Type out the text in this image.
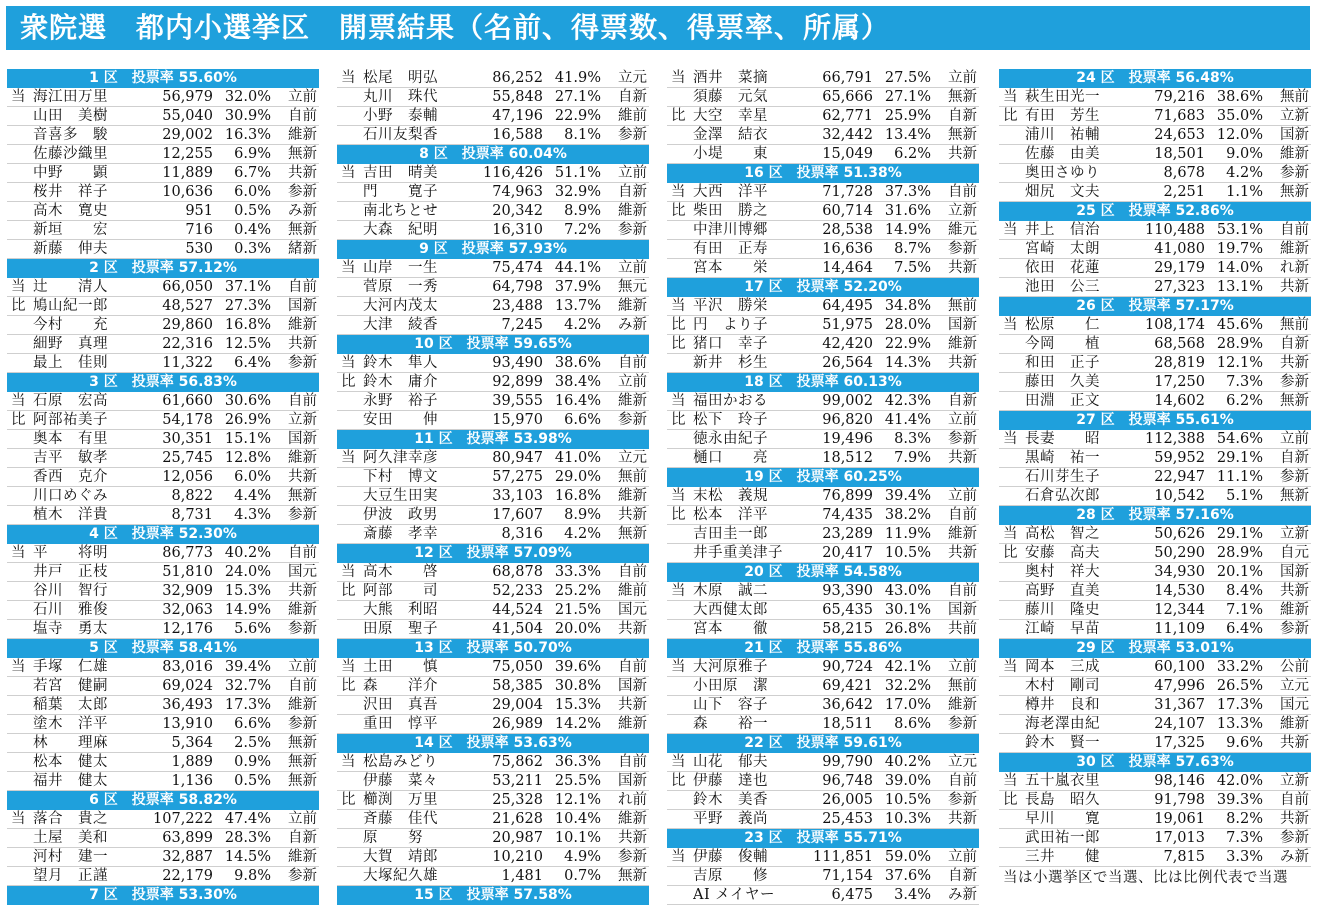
衆院選　都内小選挙区　開票結果（名前、得票数、得票率、所属）
1 区　投票率 55.60%
当 海江田万里	56,979 32.0%	立前
山田　美樹	55,040 30.9%	自前
音喜多　駿	29,002 16.3%	維新
佐藤沙織里	12,255	6.9%	無新
中野　　顕	11,889	6.7%	共新
桜井　祥子	10,636	6.0%	参新
高木　寛史	951	0.5%	み新
新垣　　宏	716	0.4%	無新
新藤　伸夫	530	0.3%	緒新
2 区　投票率 57.12%
当 辻　　清人	66,050 37.1%	自前
比 鳩山紀一郎	48,527 27.3%	国新
今村　　充	29,860 16.8%	維新
細野　真理	22,316 12.5%	共新
最上　佳則	11,322	6.4%	参新
3 区　投票率 56.83%
当 石原　宏高	61,660 30.6%	自前
比 阿部祐美子	54,178 26.9%	立新
奥本　有里	30,351 15.1%	国新
吉平　敏孝	25,745 12.8%	維新
香西　克介	12,056	6.0%	共新
川口めぐみ	8,822	4.4%	無新
植木　洋貴	8,731	4.3%	参新
4 区　投票率 52.30%
当 平　　将明	86,773 40.2%	自前
井戸　正枝	51,810 24.0%	国元
谷川　智行	32,909 15.3%	共新
石川　雅俊	32,063 14.9%	維新
塩寺　勇太	12,176	5.6%	参新
5 区　投票率 58.41%
当 手塚　仁雄	83,016 39.4%	立前
若宮　健嗣	69,024 32.7%	自前
稲葉　太郎	36,493 17.3%	維新
塗木　洋平	13,910	6.6%	参新
林　　理麻	5,364	2.5%	無新
松本　健太	1,889	0.9%	無新
福井　健太	1,136	0.5%	無新
6 区　投票率 58.82%
当 落合　貴之	107,222 47.4%	立前
土屋　美和	63,899 28.3%	自新
河村　建一	32,887 14.5%	維新
望月　正謹	22,179	9.8%	参新
7 区　投票率 53.30%
当 松尾　明弘	86,252 41.9%	立元
丸川　珠代	55,848 27.1%	自新
小野　泰輔	47,196 22.9%	維前
石川友梨香	16,588	8.1%	参新
8 区　投票率 60.04%
当 吉田　晴美	116,426 51.1%	立前
門　　寛子	74,963 32.9%	自新
南北ちとせ	20,342	8.9%	維新
大森　紀明	16,310	7.2%	参新
9 区　投票率 57.93%
当 山岸　一生	75,474 44.1%	立前
菅原　一秀	64,798 37.9%	無元
大河内茂太	23,488 13.7%	維新
大津　綾香	7,245	4.2%	み新
10 区　投票率 59.65%
当 鈴木　隼人	93,490 38.6%	自前
比 鈴木　庸介	92,899 38.4%	立前
永野　裕子	39,555 16.4%	維新
安田　　伸	15,970	6.6%	参新
11 区　投票率 53.98%
当 阿久津幸彦	80,947 41.0%	立元
下村　博文	57,275 29.0%	無前
大豆生田実	33,103 16.8%	維新
伊波　政男	17,607	8.9%	共新
斎藤　孝幸	8,316	4.2%	無新
12 区　投票率 57.09%
当 高木　　啓	68,878 33.3%	自前
比 阿部　　司	52,233 25.2%	維前
大熊　利昭	44,524 21.5%	国元
田原　聖子	41,504 20.0%	共新
13 区　投票率 50.70%
当 土田　　慎	75,050 39.6%	自前
比 森　　洋介	58,385 30.8%	国新
沢田　真吾	29,004 15.3%	共新
重田　惇平	26,989 14.2%	維新
14 区　投票率 53.63%
当 松島みどり	75,862 36.3%	自前
伊藤　菜々	53,211 25.5%	国新
比 櫛渕　万里	25,328 12.1%	れ前
斉藤　佳代	21,628 10.4%	維新
原　　努	20,987 10.1%	共新
大賀　靖郎	10,210	4.9%	参新
大塚紀久雄	1,481	0.7%	無新
15 区　投票率 57.58%
当 酒井　菜摘	66,791 27.5%	立前
須藤　元気	65,666 27.1%	無新
比 大空　幸星	62,771 25.9%	自新
金澤　結衣	32,442 13.4%	無新
小堤　　東	15,049	6.2%	共新
16 区　投票率 51.38%
当 大西　洋平	71,728 37.3%	自前
比 柴田　勝之	60,714 31.6%	立新
中津川博郷	28,538 14.9%	維元
有田　正寿	16,636	8.7%	参新
宮本　　栄	14,464	7.5%	共新
17 区　投票率 52.20%
当 平沢　勝栄	64,495 34.8%	無前
比 円　より子	51,975 28.0%	国新
比 猪口　幸子	42,420 22.9%	維新
新井　杉生	26,564 14.3%	共新
18 区　投票率 60.13%
当 福田かおる	99,002 42.3%	自新
比 松下　玲子	96,820 41.4%	立前
徳永由紀子	19,496	8.3%	参新
樋口　　亮	18,512	7.9%	共新
19 区　投票率 60.25%
当 末松　義規	76,899 39.4%	立前
比 松本　洋平	74,435 38.2%	自前
吉田圭一郎	23,289 11.9%	維新
井手重美津子	20,417 10.5%	共新
20 区　投票率 54.58%
当 木原　誠二	93,390 43.0%	自前
大西健太郎	65,435 30.1%	国新
宮本　　徹	58,215 26.8%	共前
21 区　投票率 55.86%
当 大河原雅子	90,724 42.1%	立前
小田原　潔	69,421 32.2%	無前
山下　容子	36,642 17.0%	維新
森　　裕一	18,511	8.6%	参新
22 区　投票率 59.61%
当 山花　郁夫	99,790 40.2%	立元
比 伊藤　達也	96,748 39.0%	自前
鈴木　美香	26,005 10.5%	参新
平野　義尚	25,453 10.3%	共新
23 区　投票率 55.71%
当 伊藤　俊輔	111,851 59.0%	立前
吉原　　修	71,154 37.6%	自新
AI メイヤー	6,475	3.4%	み新
24 区　投票率 56.48%
当 萩生田光一	79,216 38.6%	無前
比 有田　芳生	71,683 35.0%	立新
浦川　祐輔	24,653 12.0%	国新
佐藤　由美	18,501	9.0%	維新
奥田さゆり	8,678	4.2%	参新
畑尻　文夫	2,251	1.1%	無新
25 区　投票率 52.86%
当 井上　信治	110,488 53.1%	自前
宮崎　太朗	41,080 19.7%	維新
依田　花蓮	29,179 14.0%	れ新
池田　公三	27,323 13.1%	共新
26 区　投票率 57.17%
当 松原　　仁	108,174 45.6%	無前
今岡　　植	68,568 28.9%	自新
和田　正子	28,819 12.1%	共新
藤田　久美	17,250	7.3%	参新
田淵　正文	14,602	6.2%	無新
27 区　投票率 55.61%
当 長妻　　昭	112,388 54.6%	立前
黒崎　祐一	59,952 29.1%	自新
石川芽生子	22,947 11.1%	参新
石倉弘次郎	10,542	5.1%	無新
28 区　投票率 57.16%
当 高松　智之	50,626 29.1%	立新
比 安藤　高夫	50,290 28.9%	自元
奥村　祥大	34,930 20.1%	国新
高野　直美	14,530	8.4%	共新
藤川　隆史	12,344	7.1%	維新
江崎　早苗	11,109	6.4%	参新
29 区　投票率 53.01%
当 岡本　三成	60,100 33.2%	公前
木村　剛司	47,996 26.5%	立元
樽井　良和	31,367 17.3%	国元
海老澤由紀	24,107 13.3%	維新
鈴木　賢一	17,325	9.6%	共新
30 区　投票率 57.63%
当 五十嵐衣里	98,146 42.0%	立新
比 長島　昭久	91,798 39.3%	自前
早川　　寛	19,061	8.2%	共新
武田祐一郎	17,013	7.3%	参新
三井　　健	7,815	3.3%	み新
当は小選挙区で当選、比は比例代表で当選
